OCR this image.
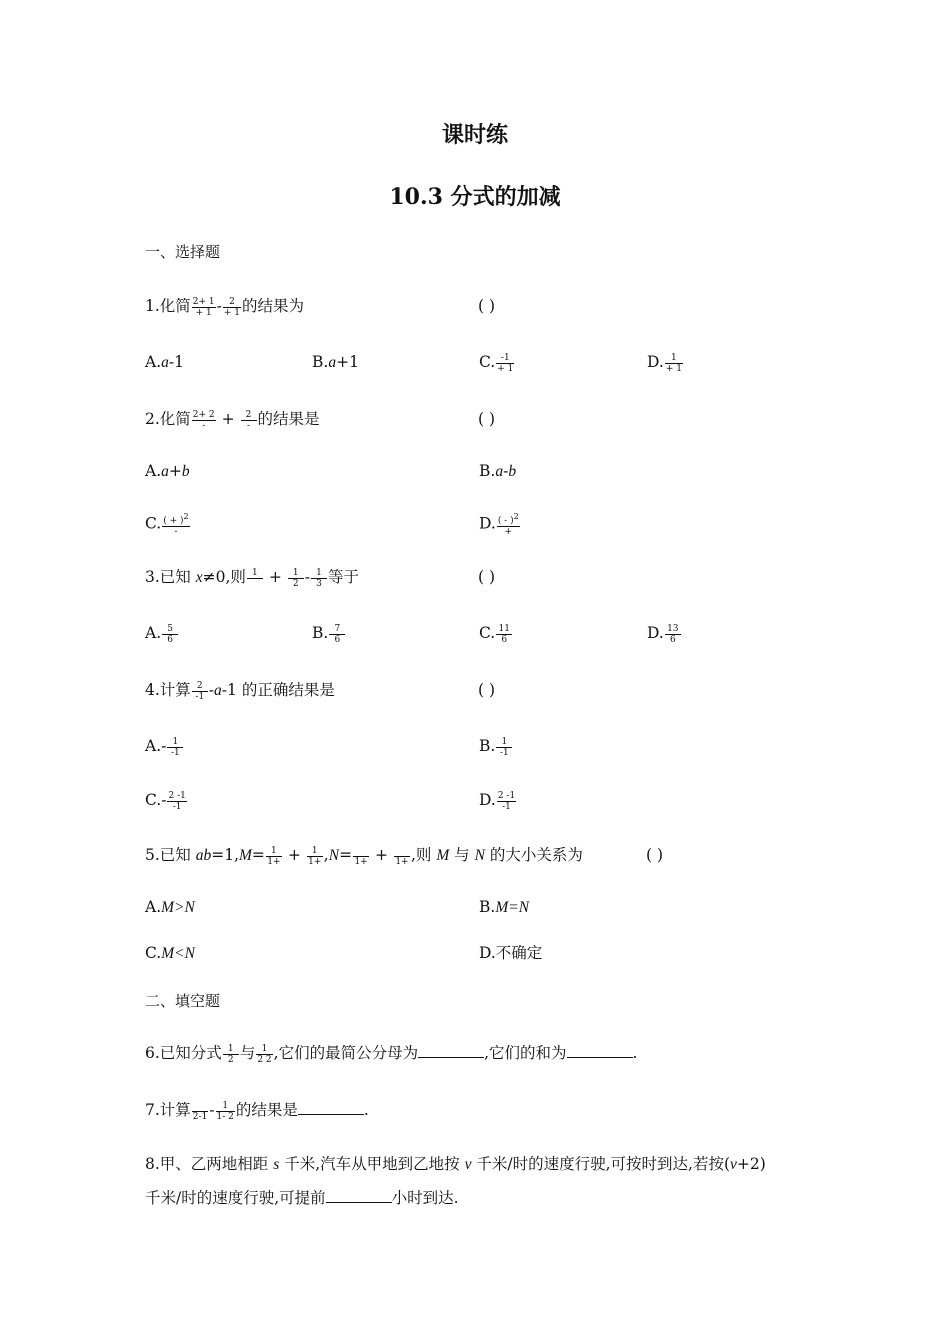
课时练
10.3 分式的加减
一、选择题
1.化简 $\frac{2+ 1}{+ 1} - \frac{2}{+ 1}$ 的结果为	( )
A.a-1	B.a+1	C. $\frac{-1}{+ 1}$	D. $\frac{1}{+ 1}$
2.化简 $\frac{2+ 2}{-} + \frac{2}{-}$ 的结果是	( )
A.a+b	B.a-b
C. $\frac{( + )^2}{-}$	D. $\frac{( - )^2}{+}$
3.已知 x≠0,则 1
+ $\frac{1}{2} - \frac{1}{3}$ 等于	( )
A. $\frac{5}{6}$	B. $\frac{7}{6}$	C. $\frac{11}{6}$	D. $\frac{13}{6}$
4.计算 $\frac{2}{-1} -a-1$ 的正确结果是	( )
$A.- \frac{1}{-1}$	B. $\frac{1}{-1}$
$C.- \frac{2 -1}{-1}$	D. $\frac{2 -1}{-1}$
5.已知 $ab=1,M= \frac{1}{1+} + \frac{1}{1+} ,N=$
1+ +
1+ ,则 M 与 N 的大小关系为	( )
A.M>N	B.M=N
C.M<N	D.不确定
二、填空题
6.已知分式 $\frac{1}{2}$ 与 $\frac{1}{2 2}$ ,它们的最简公分母为	,它们的和为	.
7.计算
$2-1 - \frac{1}{1- 2}$ 的结果是	.
8.甲、乙两地相距 s 千米,汽车从甲地到乙地按 v 千米/时的速度行驶,可按时到达,若按(v+2)
千米/时的速度行驶,可提前	小时到达.
